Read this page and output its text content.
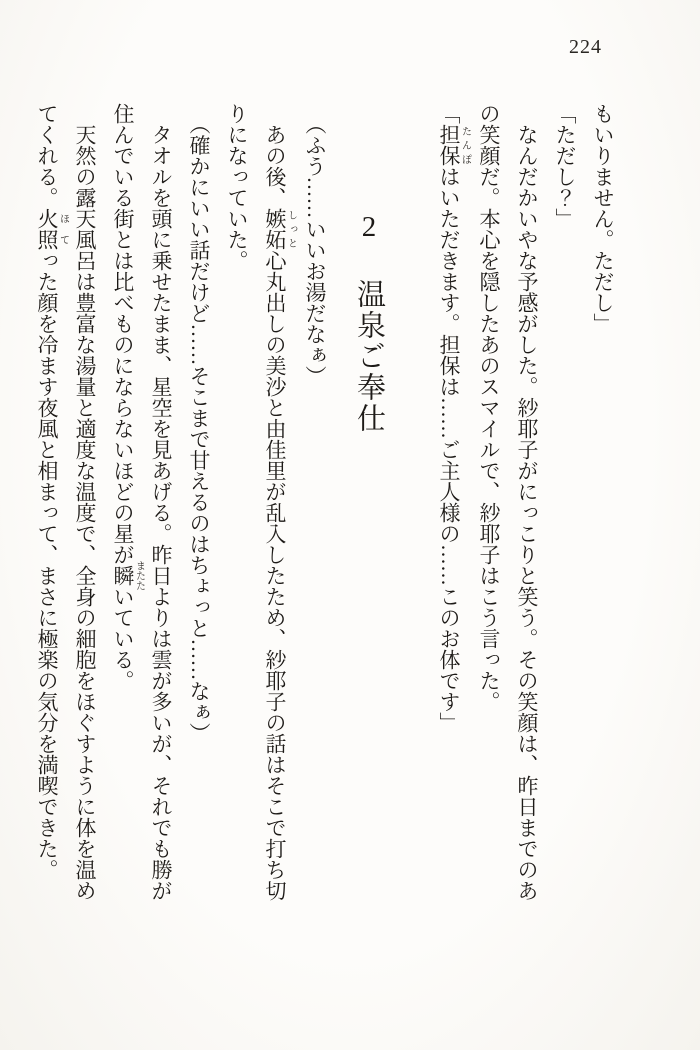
224

もいりません。ただし」

「ただし？」

　なんだかいやな予感がした。紗耶子がにっこりと笑う。その笑顔は、昨日までのあの笑顔だ。本心を隠したあのスマイルで、紗耶子はこう言った。

「担保たんぽはいただきます。担保は……ご主人様の……このお体です」

2温泉ご奉仕

　（ふう……いいお湯だなぁ）

　あの後、嫉妬しっと心丸出しの美沙と由佳里が乱入したため、紗耶子の話はそこで打ち切りになっていた。

　（確かにいい話だけど……そこまで甘えるのはちょっと……なぁ）

　タオルを頭に乗せたまま、星空を見あげる。昨日よりは雲が多いが、それでも勝が住んでいる街とは比べものにならないほどの星が瞬またたいている。

　天然の露天風呂は豊富な湯量と適度な温度で、全身の細胞をほぐすように体を温めてくれる。火照ほてった顔を冷ます夜風と相まって、まさに極楽の気分を満喫できた。
